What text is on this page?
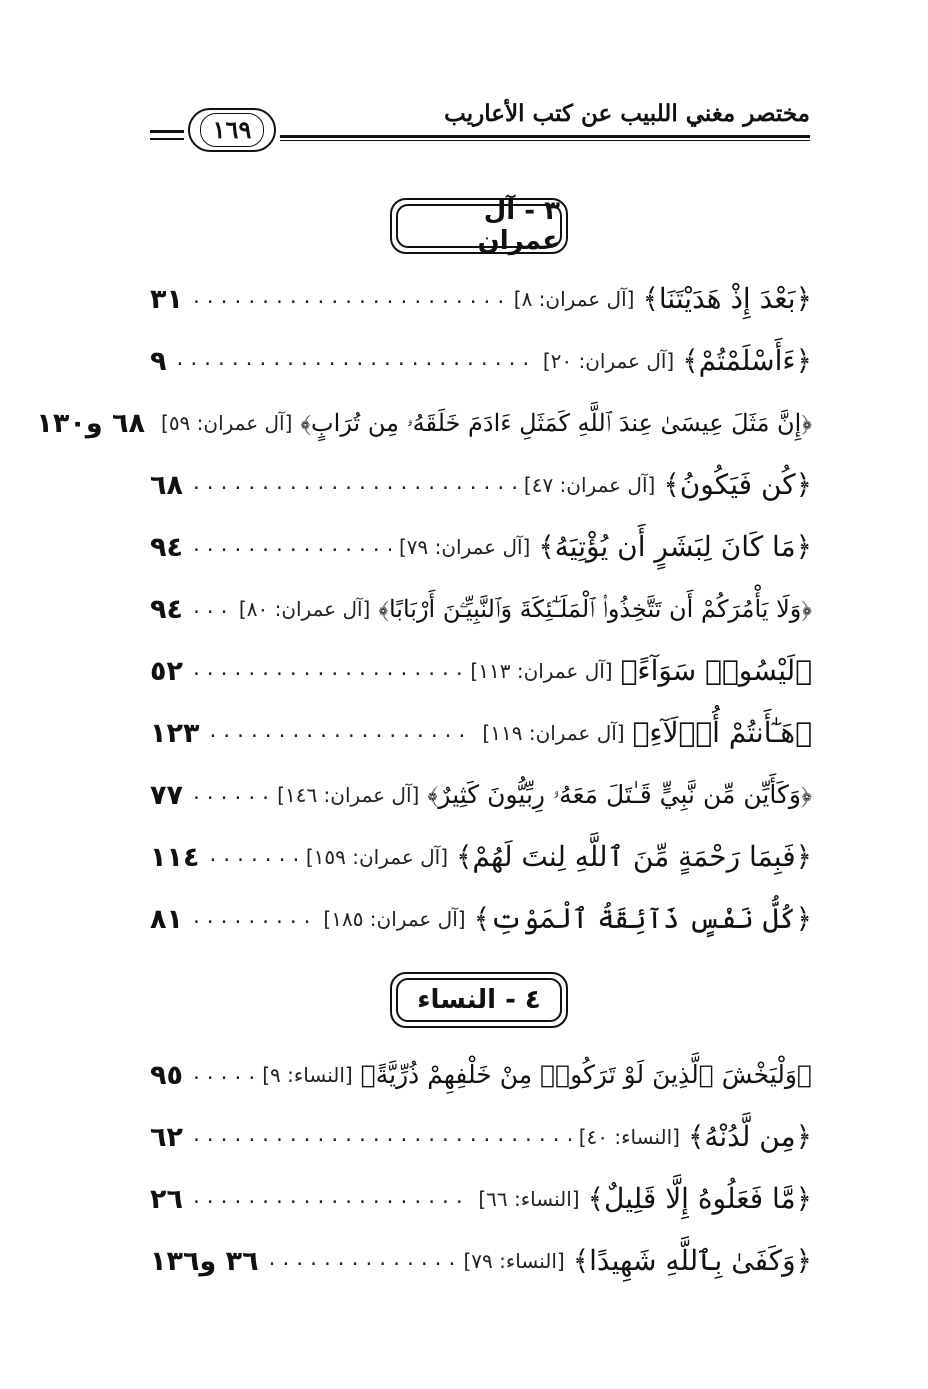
مختصر مغني اللبيب عن كتب الأعاريب
١٦٩
٣ - آل عمران
﴿بَعْدَ إِذْ هَدَيْتَنَا﴾
[آل عمران: ٨]
.....
٣١
﴿ءَأَسْلَمْتُمْ﴾
[آل عمران: ٢٠]
.....
٩
﴿إِنَّ مَثَلَ عِيسَىٰ عِندَ ٱللَّهِ كَمَثَلِ ءَادَمَ خَلَقَهُۥ مِن تُرَابٍ﴾
[آل عمران: ٥٩]
٦٨ و١٣٠
﴿كُن فَيَكُونُ﴾
[آل عمران: ٤٧]
.....
٦٨
﴿مَا كَانَ لِبَشَرٍ أَن يُؤْتِيَهُ﴾
[آل عمران: ٧٩]
.....
٩٤
﴿وَلَا يَأْمُرَكُمْ أَن تَتَّخِذُوا۟ ٱلْمَلَـٰٓئِكَةَ وَٱلنَّبِيِّـۧنَ أَرْبَابًا﴾
[آل عمران: ٨٠]
.....
٩٤
﴿لَيْسُوا۟ سَوَآءً﴾
[آل عمران: ١١٣]
.....
٥٢
﴿هَـٰٓأَنتُمْ أُو۟لَآءِ﴾
[آل عمران: ١١٩]
.....
١٢٣
﴿وَكَأَيِّن مِّن نَّبِيٍّ قَـٰتَلَ مَعَهُۥ رِبِّيُّونَ كَثِيرٌ﴾
[آل عمران: ١٤٦]
.....
٧٧
﴿فَبِمَا رَحْمَةٍ مِّنَ ٱللَّهِ لِنتَ لَهُمْ﴾
[آل عمران: ١٥٩]
.....
١١٤
﴿كُلُّ نَفْسٍ ذَآئِقَةُ ٱلْمَوْتِ﴾
[آل عمران: ١٨٥]
.....
٨١
٤ - النساء
﴿وَلْيَخْشَ ٱلَّذِينَ لَوْ تَرَكُوا۟ مِنْ خَلْفِهِمْ ذُرِّيَّةً﴾
[النساء: ٩]
.....
٩٥
﴿مِن لَّدُنْهُ﴾
[النساء: ٤٠]
.....
٦٢
﴿مَّا فَعَلُوهُ إِلَّا قَلِيلٌ﴾
[النساء: ٦٦]
.....
٢٦
﴿وَكَفَىٰ بِٱللَّهِ شَهِيدًا﴾
[النساء: ٧٩]
.....
٣٦ و١٣٦
